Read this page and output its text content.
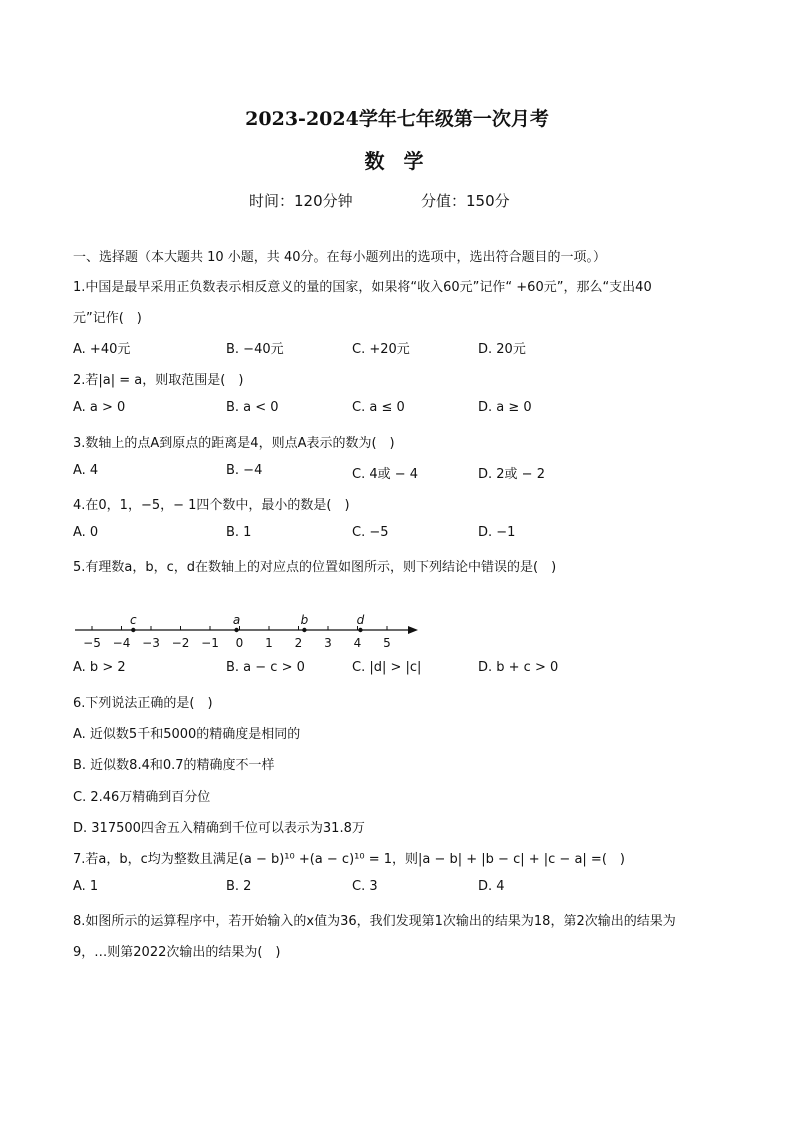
2023-2024学年七年级第一次月考
数 学
时间：120分钟	分值：150分
一、选择题（本大题共 10 小题，共 40分。在每小题列出的选项中，选出符合题目的一项。）
1.中国是最早采用正负数表示相反意义的量的国家，如果将“收入60元”记作“ +60元”，那么“支出40
元”记作(　)
A. +40元	B. −40元	C. +20元	D. 20元
2.若|a| = a，则取范围是(　)
A. a > 0	B. a < 0	C. a ≤ 0	D. a ≥ 0
3.数轴上的点A到原点的距离是4，则点A表示的数为(　)
A. 4	B. −4	C. 4或 − 4	D. 2或 − 2
4.在0，1，−5，− 1四个数中，最小的数是(　)
A. 0	B. 1	C. −5	D. −1
5.有理数a，b，c，d在数轴上的对应点的位置如图所示，则下列结论中错误的是(　)
−5 −4 −3 −2 −1 0 1 2 3 4 5
c	a	b	d
A. b > 2	B. a − c > 0	C. |d| > |c|	D. b + c > 0
6.下列说法正确的是(　)
A. 近似数5千和5000的精确度是相同的
B. 近似数8.4和0.7的精确度不一样
C. 2.46万精确到百分位
D. 317500四舍五入精确到千位可以表示为31.8万
7.若a，b，c均为整数且满足(a − b)¹⁰ +(a − c)¹⁰ = 1，则|a − b| + |b − c| + |c − a| =(　)
A. 1	B. 2	C. 3	D. 4
8.如图所示的运算程序中，若开始输入的x值为36，我们发现第1次输出的结果为18，第2次输出的结果为
9，…则第2022次输出的结果为(　)
